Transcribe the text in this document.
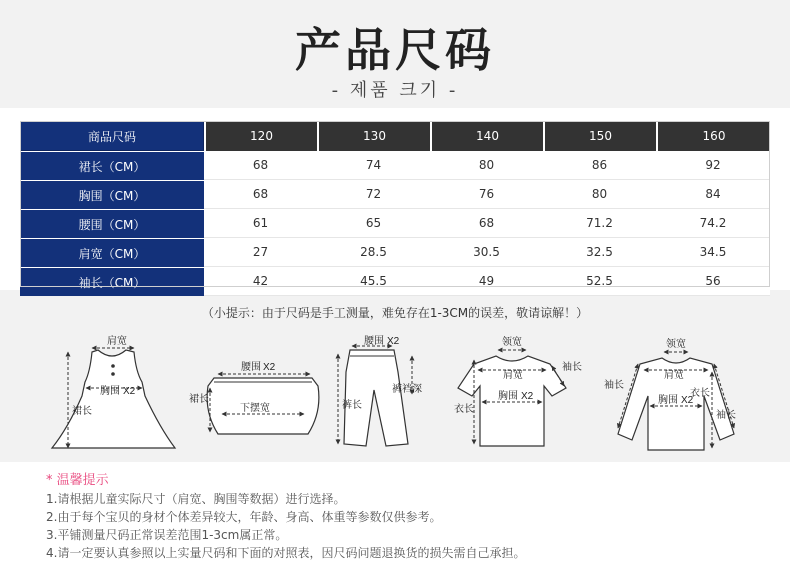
产品尺码
- 제품 크기 -
商品尺码	120	130	140	150	160
裙长（CM）	68	74	80	86	92
胸围（CM）	68	72	76	80	84
腰围（CM）	61	65	68	71.2	74.2
肩宽（CM）	27	28.5	30.5	32.5	34.5
袖长（CM）	42	45.5	49	52.5	56
（小提示：由于尺码是手工测量，难免存在1-3CM的误差，敬请谅解！）
肩宽
胸围 X2
裙长
腰围 X2
裙长
下摆宽
腰围 X2
裤长
裤裆深
领宽
肩宽
袖长
胸围 X2
衣长
领宽
肩宽
袖长
胸围 X2
衣长
袖长
* 温馨提示
1.请根据儿童实际尺寸（肩宽、胸围等数据）进行选择。
2.由于每个宝贝的身材个体差异较大，年龄、身高、体重等参数仅供参考。
3.平铺测量尺码正常误差范围1-3cm属正常。
4.请一定要认真参照以上实量尺码和下面的对照表，因尺码问题退换货的损失需自己承担。
